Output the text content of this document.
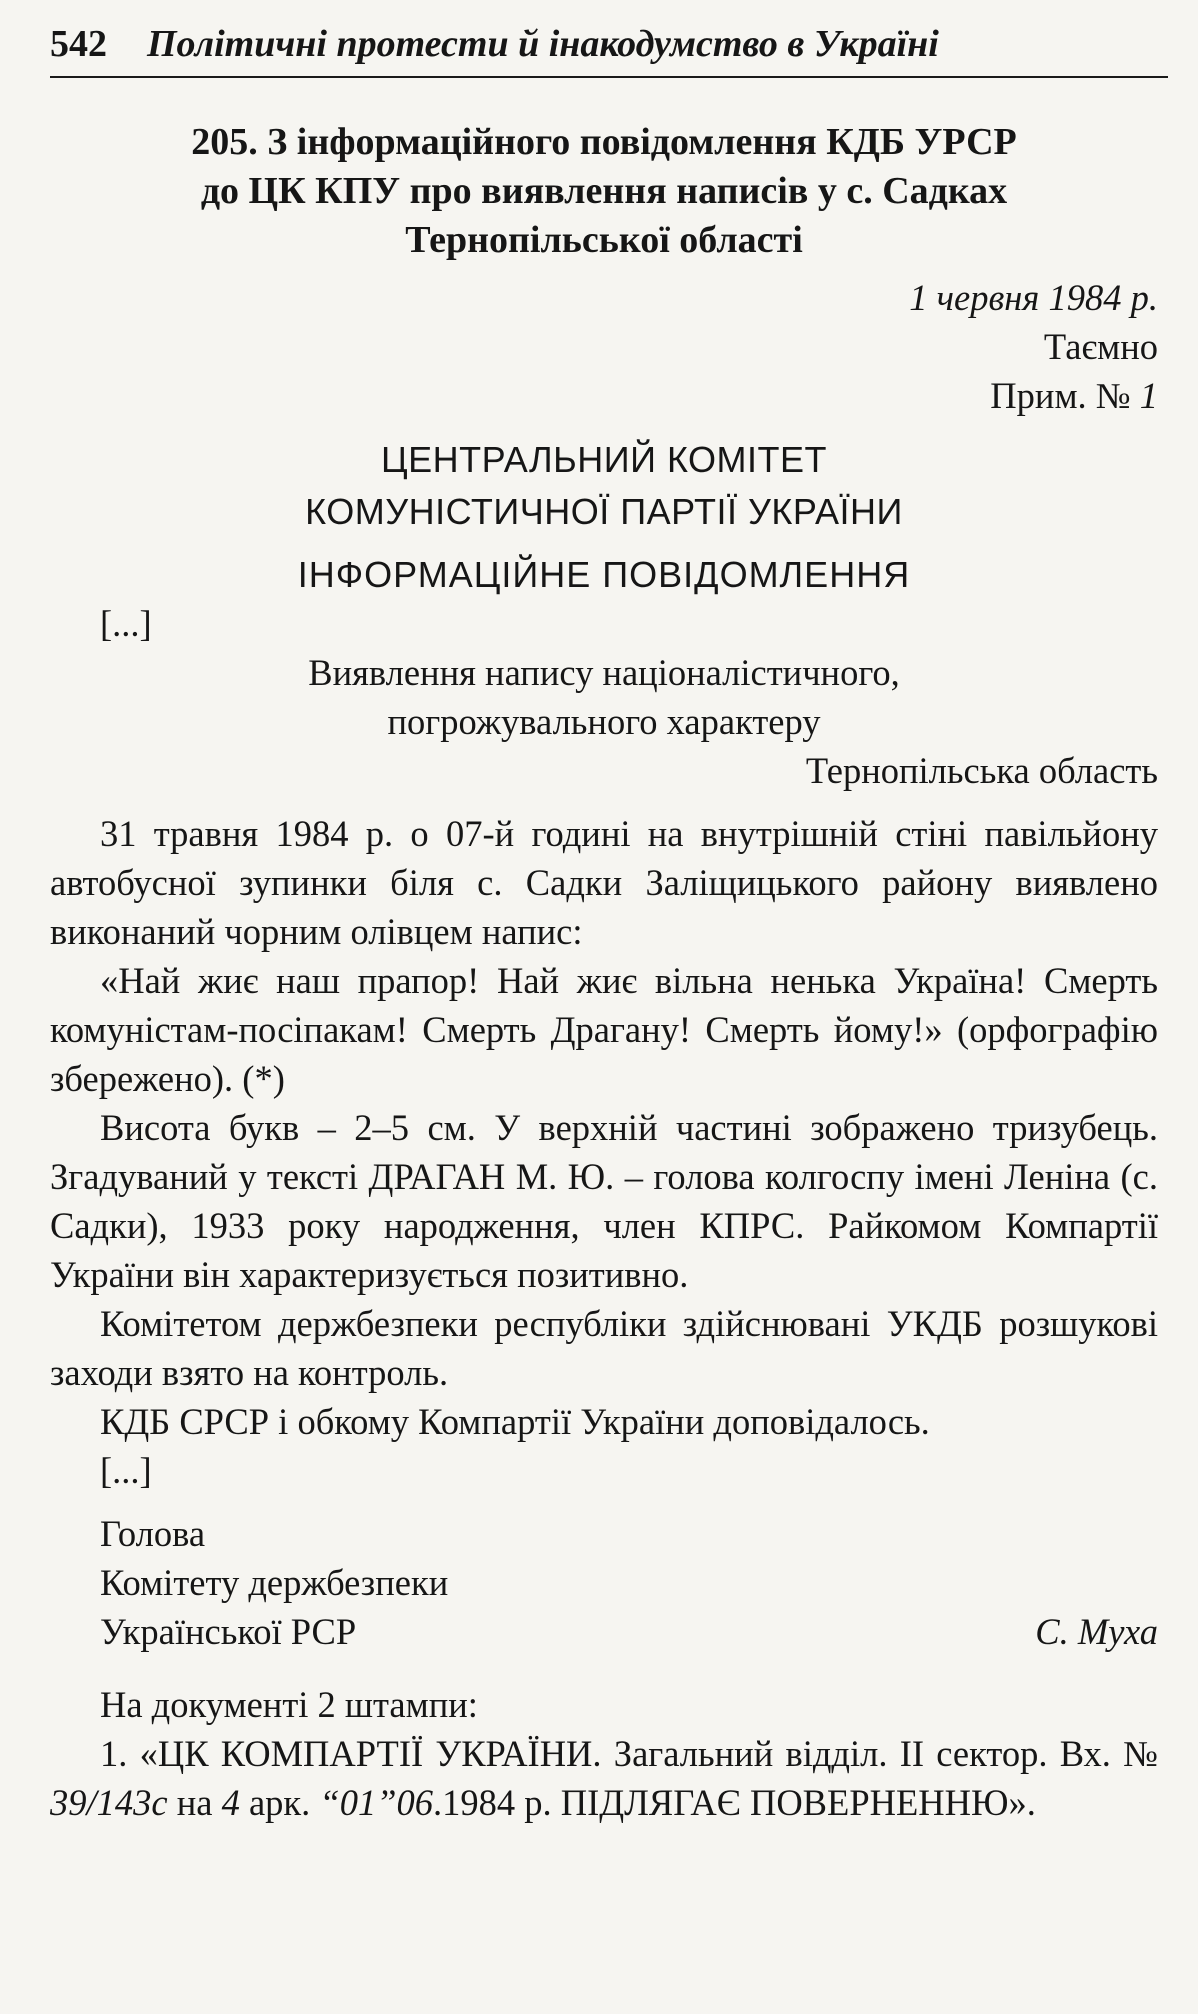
542 Політичні протести й інакодумство в Україні
205. З інформаційного повідомлення КДБ УРСР
до ЦК КПУ про виявлення написів у с. Садках
Тернопільської області
1 червня 1984 р.
Таємно
Прим. № 1
ЦЕНТРАЛЬНИЙ КОМІТЕТ
КОМУНІСТИЧНОЇ ПАРТІЇ УКРАЇНИ
ІНФОРМАЦІЙНЕ ПОВІДОМЛЕННЯ
[...]
Виявлення напису націоналістичного,
погрожувального характеру
Тернопільська область
31 травня 1984 р. о 07-й годині на внутрішній стіні павільйону автобусної зупинки біля с. Садки Заліщицького району виявлено виконаний чорним олівцем напис:
«Най жиє наш прапор! Най жиє вільна ненька Україна! Смерть комуністам-посіпакам! Смерть Драгану! Смерть йому!» (орфографію збережено). (*)
Висота букв – 2–5 см. У верхній частині зображено тризубець. Згадуваний у тексті ДРАГАН М. Ю. – голова колгоспу імені Леніна (с. Садки), 1933 року народження, член КПРС. Райкомом Компартії України він характеризується позитивно.
Комітетом держбезпеки республіки здійснювані УКДБ розшукові заходи взято на контроль.
КДБ СРСР і обкому Компартії України доповідалось.
[...]
Голова
Комітету держбезпеки
Української РСР	С. Муха
На документі 2 штампи:
1. «ЦК КОМПАРТІЇ УКРАЇНИ. Загальний відділ. ІІ сектор. Вх. № 39/143с на 4 арк. “01”06.1984 р. ПІДЛЯГАЄ ПОВЕРНЕННЮ».
